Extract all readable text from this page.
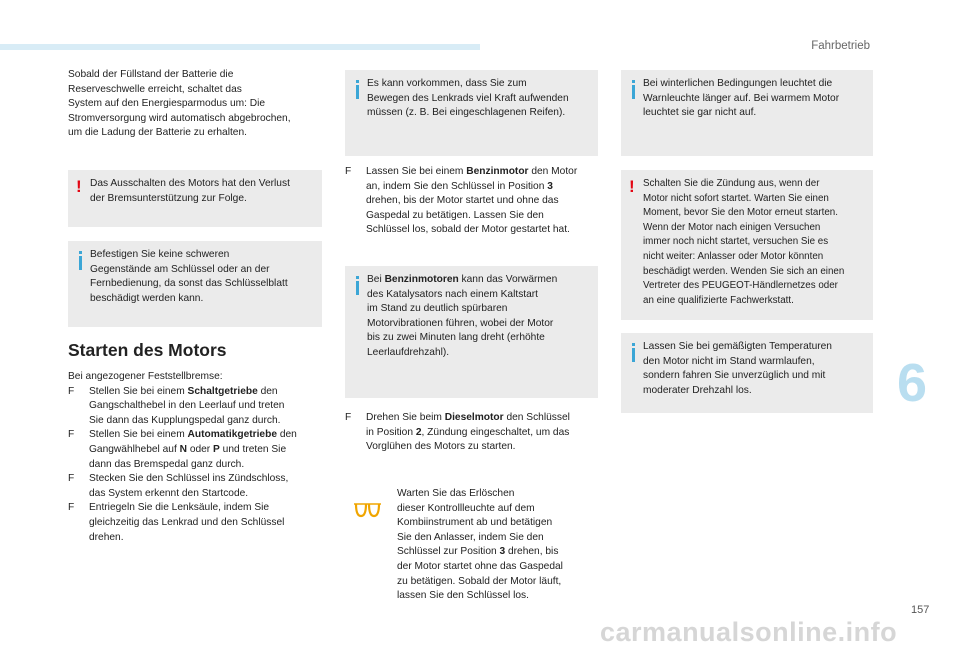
Fahrbetrieb
Sobald der Füllstand der Batterie die
Reserveschwelle erreicht, schaltet das
System auf den Energiesparmodus um: Die
Stromversorgung wird automatisch abgebrochen,
um die Ladung der Batterie zu erhalten.
! Das Ausschalten des Motors hat den Verlust
der Bremsunterstützung zur Folge.
Befestigen Sie keine schweren
Gegenstände am Schlüssel oder an der
Fernbedienung, da sonst das Schlüsselblatt
beschädigt werden kann.
Starten des Motors
Bei angezogener Feststellbremse:
F Stellen Sie bei einem Schaltgetriebe den
Gangschalthebel in den Leerlauf und treten
Sie dann das Kupplungspedal ganz durch.
F Stellen Sie bei einem Automatikgetriebe den
Gangwählhebel auf N oder P und treten Sie
dann das Bremspedal ganz durch.
F Stecken Sie den Schlüssel ins Zündschloss,
das System erkennt den Startcode.
F Entriegeln Sie die Lenksäule, indem Sie
gleichzeitig das Lenkrad und den Schlüssel
drehen.
Es kann vorkommen, dass Sie zum
Bewegen des Lenkrads viel Kraft aufwenden
müssen (z. B. Bei eingeschlagenen Reifen).
F Lassen Sie bei einem Benzinmotor den Motor
an, indem Sie den Schlüssel in Position 3
drehen, bis der Motor startet und ohne das
Gaspedal zu betätigen. Lassen Sie den
Schlüssel los, sobald der Motor gestartet hat.
Bei Benzinmotoren kann das Vorwärmen
des Katalysators nach einem Kaltstart
im Stand zu deutlich spürbaren
Motorvibrationen führen, wobei der Motor
bis zu zwei Minuten lang dreht (erhöhte
Leerlaufdrehzahl).
F Drehen Sie beim Dieselmotor den Schlüssel
in Position 2, Zündung eingeschaltet, um das
Vorglühen des Motors zu starten.
Warten Sie das Erlöschen
dieser Kontrollleuchte auf dem
Kombiinstrument ab und betätigen
Sie den Anlasser, indem Sie den
Schlüssel zur Position 3 drehen, bis
der Motor startet ohne das Gaspedal
zu betätigen. Sobald der Motor läuft,
lassen Sie den Schlüssel los.
Bei winterlichen Bedingungen leuchtet die
Warnleuchte länger auf. Bei warmem Motor
leuchtet sie gar nicht auf.
! Schalten Sie die Zündung aus, wenn der
Motor nicht sofort startet. Warten Sie einen
Moment, bevor Sie den Motor erneut starten.
Wenn der Motor nach einigen Versuchen
immer noch nicht startet, versuchen Sie es
nicht weiter: Anlasser oder Motor könnten
beschädigt werden. Wenden Sie sich an einen
Vertreter des PEUGEOT-Händlernetzes oder
an eine qualifizierte Fachwerkstatt.
Lassen Sie bei gemäßigten Temperaturen
den Motor nicht im Stand warmlaufen,
sondern fahren Sie unverzüglich und mit
moderater Drehzahl los.	6
157
carmanualsonline.info
